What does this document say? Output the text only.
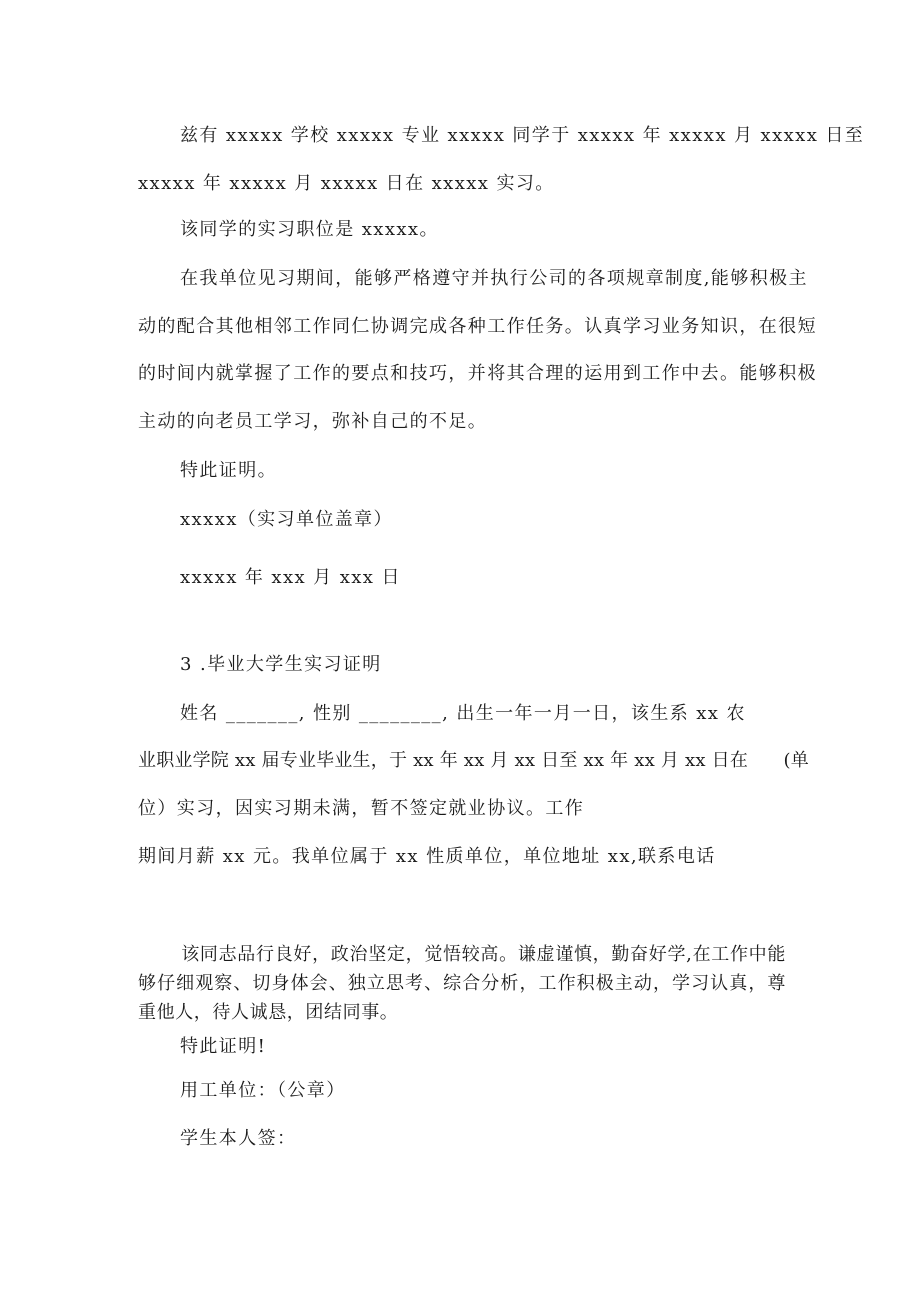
兹有 xxxxx 学校 xxxxx 专业 xxxxx 同学于 xxxxx 年 xxxxx 月 xxxxx 日至
xxxxx 年 xxxxx 月 xxxxx 日在 xxxxx 实习。
该同学的实习职位是 xxxxx。
在我单位见习期间，能够严格遵守并执行公司的各项规章制度,能够积极主
动的配合其他相邻工作同仁协调完成各种工作任务。认真学习业务知识，在很短
的时间内就掌握了工作的要点和技巧，并将其合理的运用到工作中去。能够积极
主动的向老员工学习，弥补自己的不足。
特此证明。
xxxxx（实习单位盖章）
xxxxx 年 xxx 月 xxx 日
3 .毕业大学生实习证明
姓名 _______, 性别 ________, 出生一年一月一日，该生系 xx 农
业职业学院 xx 届专业毕业生，于 xx 年 xx 月 xx 日至 xx 年 xx 月 xx 日在      (单
位）实习，因实习期未满，暂不签定就业协议。工作
期间月薪 xx 元。我单位属于 xx 性质单位，单位地址 xx,联系电话
该同志品行良好，政治坚定，觉悟较高。谦虚谨慎，勤奋好学,在工作中能够仔细观察、切身体会、独立思考、综合分析，工作积极主动，学习认真，尊重他人，待人诚恳，团结同事。
特此证明!
用工单位：（公章）
学生本人签：
